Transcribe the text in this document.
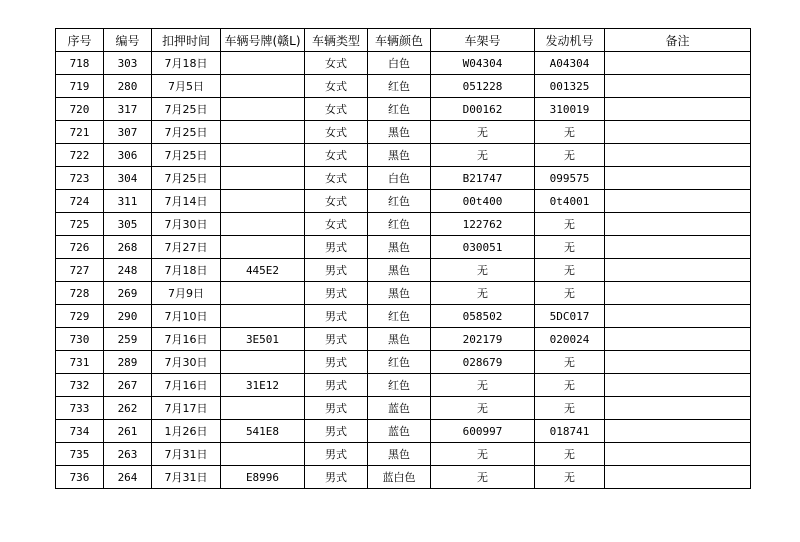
序号	编号	扣押时间	车辆号牌(赣L)	车辆类型	车辆颜色	车架号	发动机号	备注
718	303	7月18日		女式	白色	W04304	A04304	
719	280	7月5日		女式	红色	051228	001325	
720	317	7月25日		女式	红色	D00162	310019	
721	307	7月25日		女式	黑色	无	无	
722	306	7月25日		女式	黑色	无	无	
723	304	7月25日		女式	白色	B21747	099575	
724	311	7月14日		女式	红色	00t400	0t4001	
725	305	7月30日		女式	红色	122762	无	
726	268	7月27日		男式	黑色	030051	无	
727	248	7月18日	445E2	男式	黑色	无	无	
728	269	7月9日		男式	黑色	无	无	
729	290	7月10日		男式	红色	058502	5DC017	
730	259	7月16日	3E501	男式	黑色	202179	020024	
731	289	7月30日		男式	红色	028679	无	
732	267	7月16日	31E12	男式	红色	无	无	
733	262	7月17日		男式	蓝色	无	无	
734	261	1月26日	541E8	男式	蓝色	600997	018741	
735	263	7月31日		男式	黑色	无	无	
736	264	7月31日	E8996	男式	蓝白色	无	无	
